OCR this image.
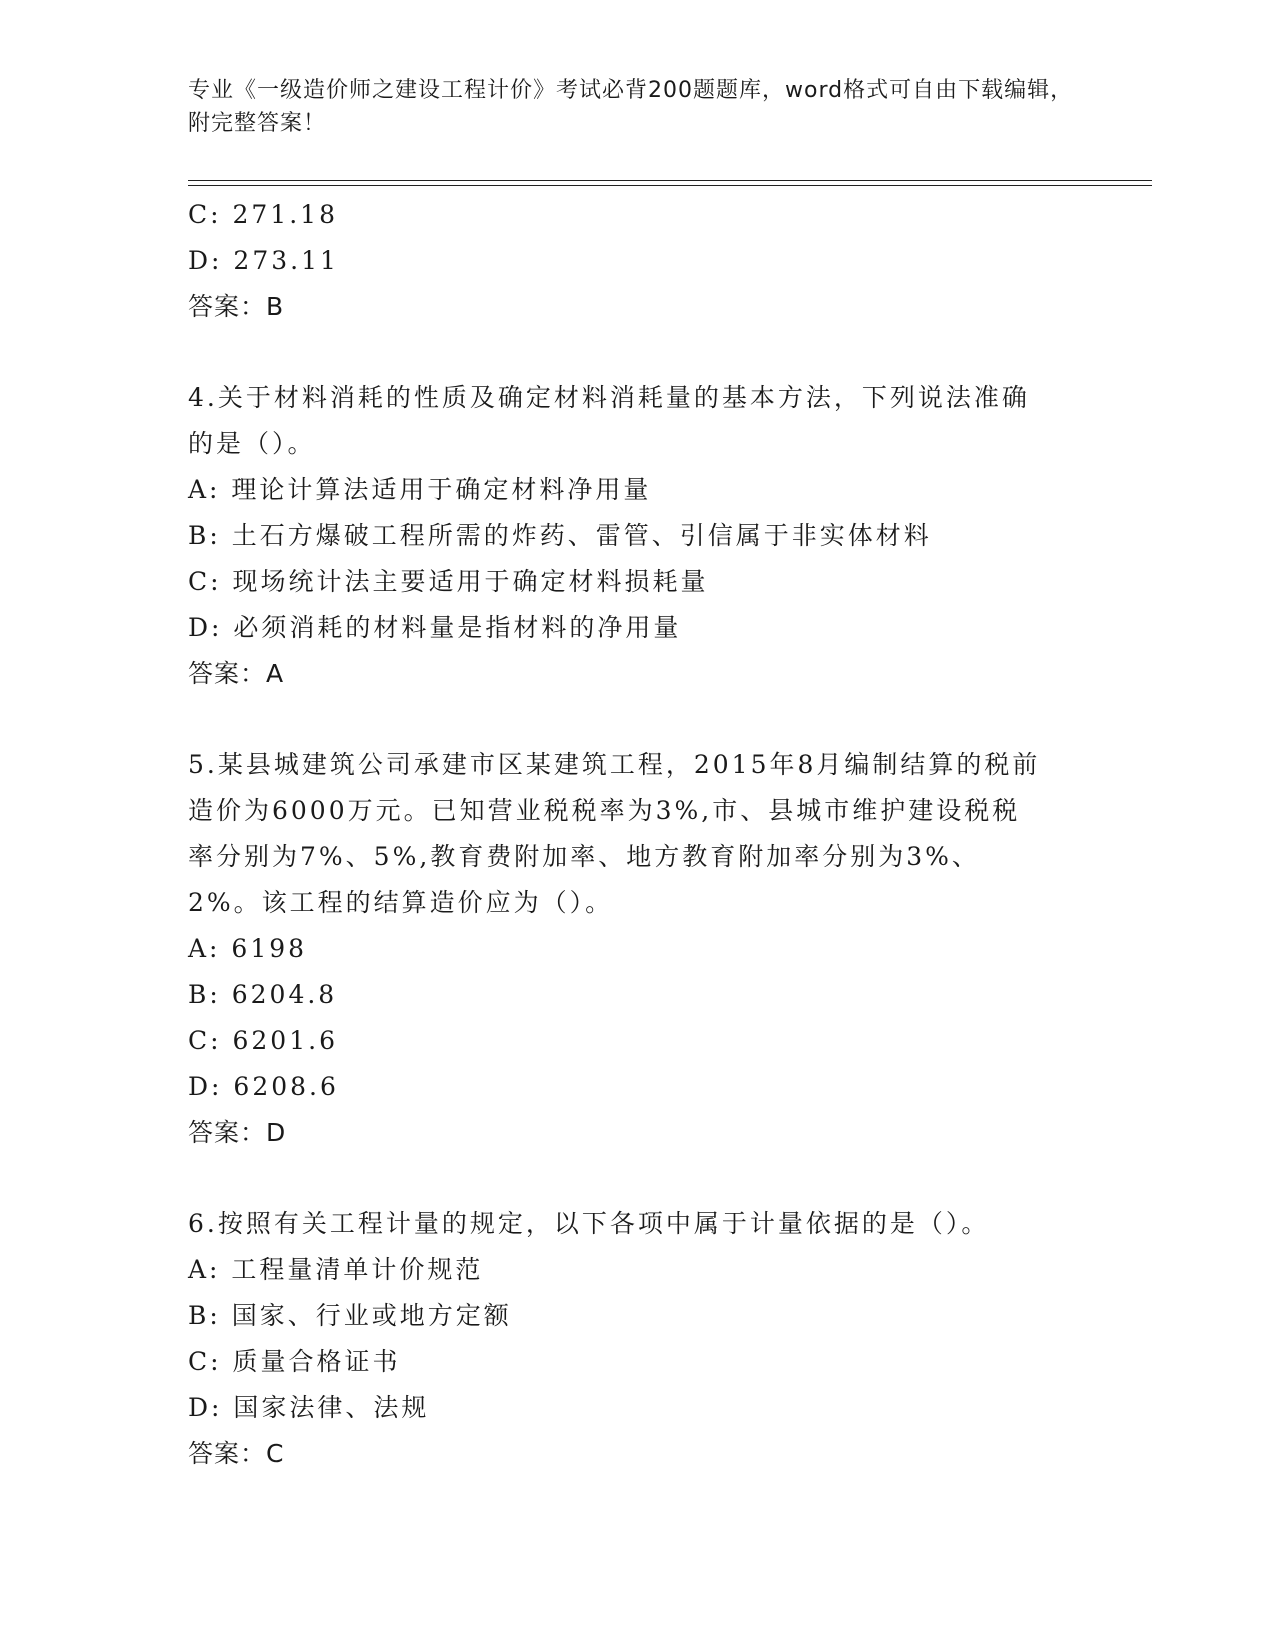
专业《一级造价师之建设工程计价》考试必背200题题库，word格式可自由下载编辑，附完整答案！
C: 271.18
D: 273.11
答案：B
4.关于材料消耗的性质及确定材料消耗量的基本方法，下列说法准确的是（）。
A: 理论计算法适用于确定材料净用量
B: 土石方爆破工程所需的炸药、雷管、引信属于非实体材料
C: 现场统计法主要适用于确定材料损耗量
D: 必须消耗的材料量是指材料的净用量
答案：A
5.某县城建筑公司承建市区某建筑工程，2015年8月编制结算的税前造价为6000万元。已知营业税税率为3%,市、县城市维护建设税税率分别为7%、5%,教育费附加率、地方教育附加率分别为3%、2%。该工程的结算造价应为（）。
A: 6198
B: 6204.8
C: 6201.6
D: 6208.6
答案：D
6.按照有关工程计量的规定，以下各项中属于计量依据的是（）。
A: 工程量清单计价规范
B: 国家、行业或地方定额
C: 质量合格证书
D: 国家法律、法规
答案：C
